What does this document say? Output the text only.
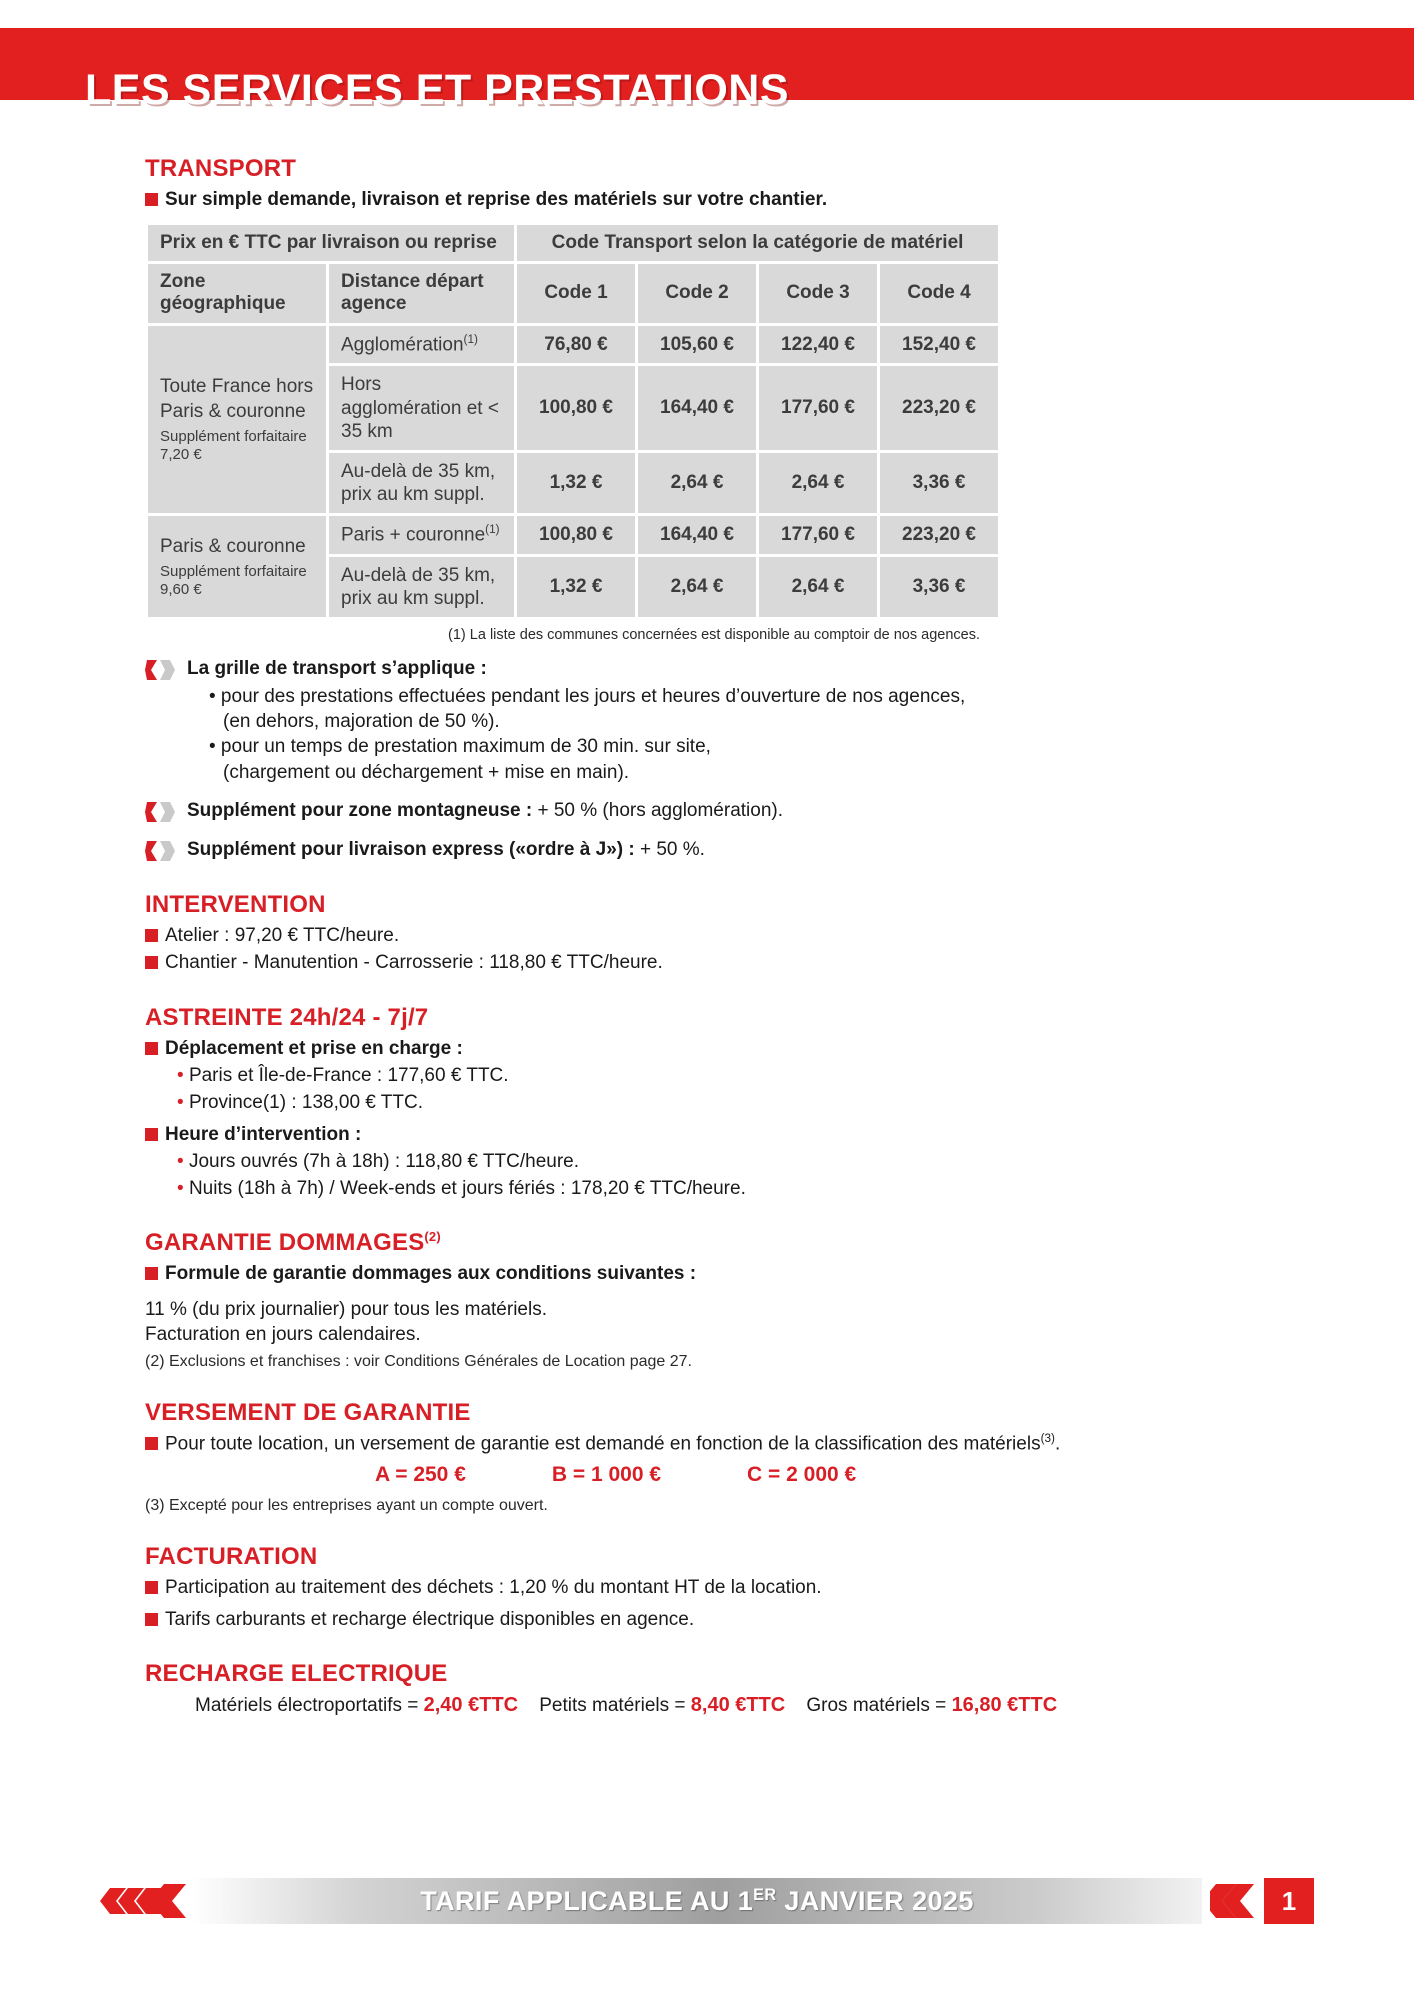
LES SERVICES ET PRESTATIONS
TRANSPORT
Sur simple demande, livraison et reprise des matériels sur votre chantier.
Prix en € TTC par livraison ou reprise		Code Transport selon la catégorie de matériel			
Zone géographique	Distance départ agence	Code 1	Code 2	Code 3	Code 4
Toute France hors Paris & couronne
Supplément forfaitaire 7,20 €	Agglomération$^{(1)}$	76,80 €	105,60 €	122,40 €	152,40 €
	Hors agglomération et < 35 km	100,80 €	164,40 €	177,60 €	223,20 €
	Au-delà de 35 km, prix au km suppl.	1,32 €	2,64 €	2,64 €	3,36 €
Paris & couronne
Supplément forfaitaire 9,60 €	Paris + couronne$^{(1)}$	100,80 €	164,40 €	177,60 €	223,20 €
	Au-delà de 35 km, prix au km suppl.	1,32 €	2,64 €	2,64 €	3,36 €
(1) La liste des communes concernées est disponible au comptoir de nos agences.
La grille de transport s’applique :
• pour des prestations effectuées pendant les jours et heures d’ouverture de nos agences,
(en dehors, majoration de 50 %).
• pour un temps de prestation maximum de 30 min. sur site,
(chargement ou déchargement + mise en main).
Supplément pour zone montagneuse : + 50 % (hors agglomération).
Supplément pour livraison express («ordre à J») : + 50 %.
INTERVENTION
Atelier : 97,20 € TTC/heure.
Chantier - Manutention - Carrosserie : 118,80 € TTC/heure.
ASTREINTE 24h/24 - 7j/7
Déplacement et prise en charge :
• Paris et Île-de-France : 177,60 € TTC.
• Province(1) : 138,00 € TTC.
Heure d’intervention :
• Jours ouvrés (7h à 18h) : 118,80 € TTC/heure.
• Nuits (18h à 7h) / Week-ends et jours fériés : 178,20 € TTC/heure.
GARANTIE DOMMAGES$^{(2)}$
Formule de garantie dommages aux conditions suivantes :
11 % (du prix journalier) pour tous les matériels.
Facturation en jours calendaires.
(2) Exclusions et franchises : voir Conditions Générales de Location page 27.
VERSEMENT DE GARANTIE
Pour toute location, un versement de garantie est demandé en fonction de la classification des matériels$^{(3)}$.
A = 250 €	B = 1 000 €	C = 2 000 €
(3) Excepté pour les entreprises ayant un compte ouvert.
FACTURATION
Participation au traitement des déchets : 1,20 % du montant HT de la location.
Tarifs carburants et recharge électrique disponibles en agence.
RECHARGE ELECTRIQUE
Matériels électroportatifs = 2,40 €TTC Petits matériels = 8,40 €TTC Gros matériels = 16,80 €TTC
TARIF APPLICABLE AU 1ER JANVIER 2025	1
